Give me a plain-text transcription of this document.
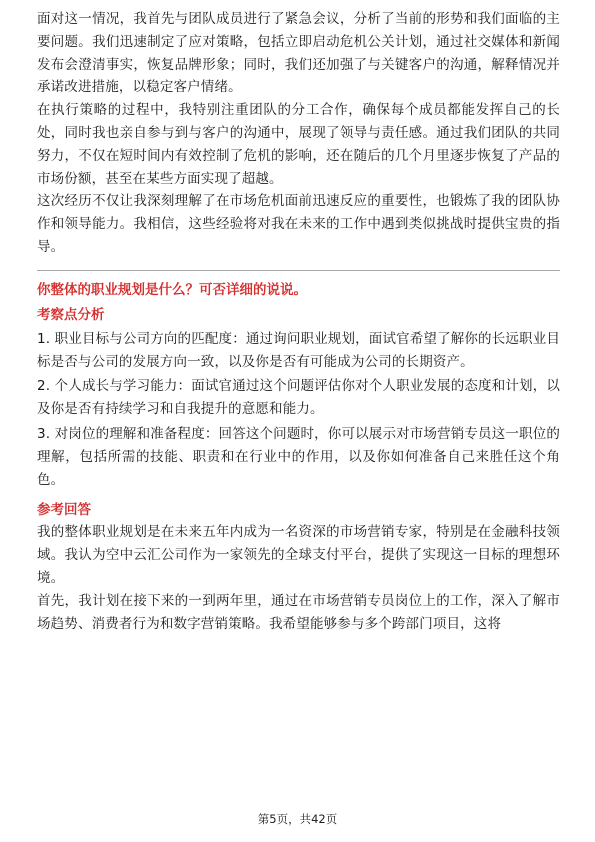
面对这一情况，我首先与团队成员进行了紧急会议，分析了当前的形势和我们面临的主要问题。我们迅速制定了应对策略，包括立即启动危机公关计划，通过社交媒体和新闻发布会澄清事实，恢复品牌形象；同时，我们还加强了与关键客户的沟通，解释情况并承诺改进措施，以稳定客户情绪。

在执行策略的过程中，我特别注重团队的分工合作，确保每个成员都能发挥自己的长处，同时我也亲自参与到与客户的沟通中，展现了领导与责任感。通过我们团队的共同努力，不仅在短时间内有效控制了危机的影响，还在随后的几个月里逐步恢复了产品的市场份额，甚至在某些方面实现了超越。

这次经历不仅让我深刻理解了在市场危机面前迅速反应的重要性，也锻炼了我的团队协作和领导能力。我相信，这些经验将对我在未来的工作中遇到类似挑战时提供宝贵的指导。

你整体的职业规划是什么？可否详细的说说。
考察点分析

1. 职业目标与公司方向的匹配度：通过询问职业规划，面试官希望了解你的长远职业目标是否与公司的发展方向一致，以及你是否有可能成为公司的长期资产。

2. 个人成长与学习能力：面试官通过这个问题评估你对个人职业发展的态度和计划，以及你是否有持续学习和自我提升的意愿和能力。

3. 对岗位的理解和准备程度：回答这个问题时，你可以展示对市场营销专员这一职位的理解，包括所需的技能、职责和在行业中的作用，以及你如何准备自己来胜任这个角色。

参考回答

我的整体职业规划是在未来五年内成为一名资深的市场营销专家，特别是在金融科技领域。我认为空中云汇公司作为一家领先的全球支付平台，提供了实现这一目标的理想环境。

首先，我计划在接下来的一到两年里，通过在市场营销专员岗位上的工作，深入了解市场趋势、消费者行为和数字营销策略。我希望能够参与多个跨部门项目，这将

第5页，共42页
